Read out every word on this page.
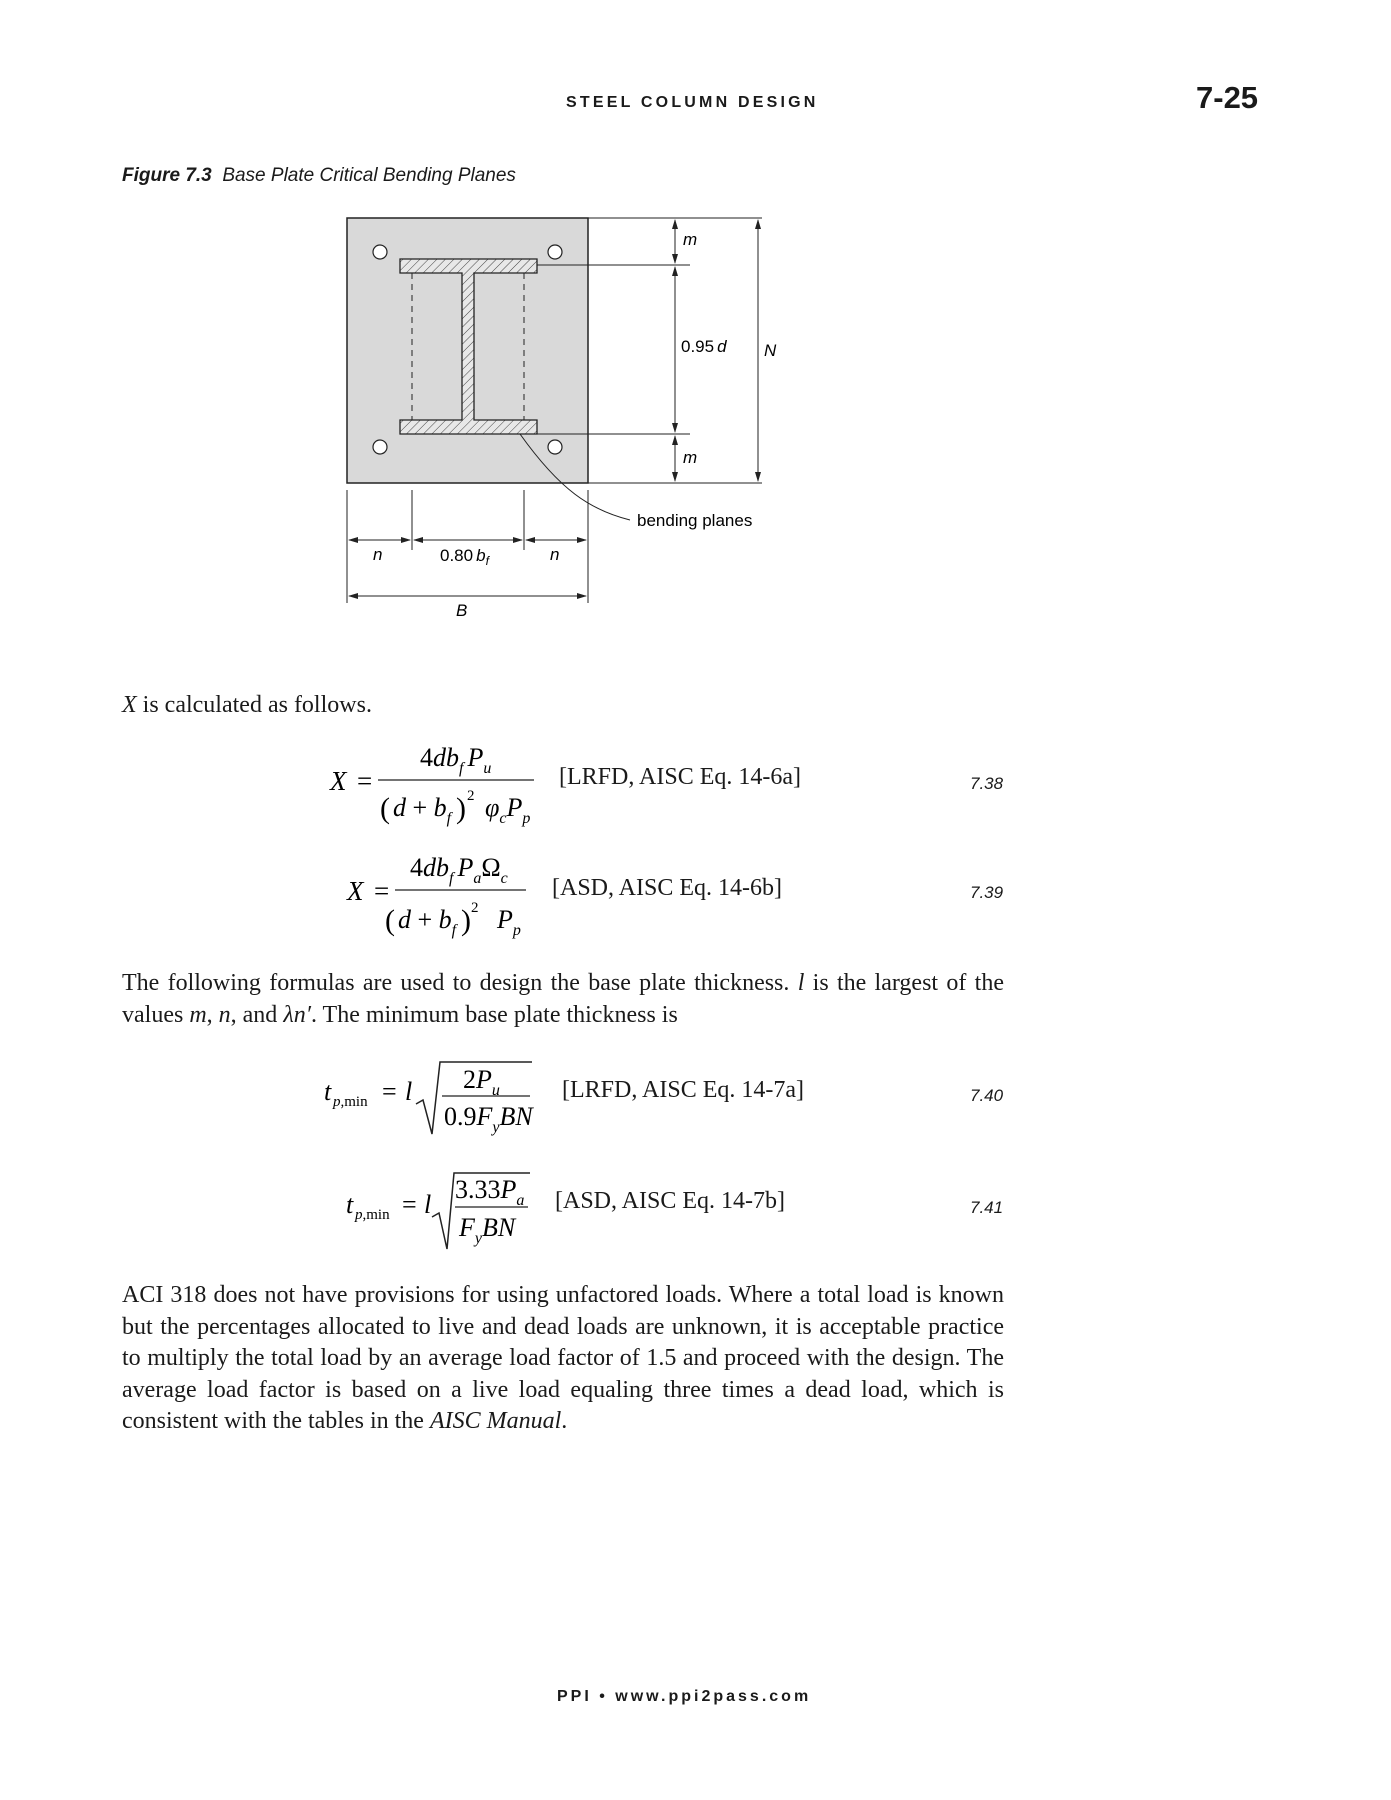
STEEL COLUMN DESIGN	7-25
Figure 7.3 Base Plate Critical Bending Planes
m
0.95 d N
m
bending planes
n	0.80 $b_f$	n
B
X is calculated as follows.
X =
$4db_f$ $P_u$
( $d + b_f$ ) 2 $\varphi_cP_p$
[LRFD, AISC Eq. 14-6a]	7.38
X =
$4db_f$ $P_a\Omega_c$
( $d + b_f$ ) 2 $P_p$
[ASD, AISC Eq. 14-6b]	7.39
The following formulas are used to design the base plate thickness. l is the largest of the values m, n, and λn′. The minimum base plate thickness is
t p,min = l $2P_u$
$0.9F_yBN$
[LRFD, AISC Eq. 14-7a]	7.40
t p,min = l
$3.33P_a$
$F_yBN$
[ASD, AISC Eq. 14-7b]	7.41
ACI 318 does not have provisions for using unfactored loads. Where a total load is known but the percentages allocated to live and dead loads are unknown, it is acceptable practice to multiply the total load by an average load factor of 1.5 and proceed with the design. The average load factor is based on a live load equaling three times a dead load, which is consistent with the tables in the AISC Manual.
PPI • www.ppi2pass.com
